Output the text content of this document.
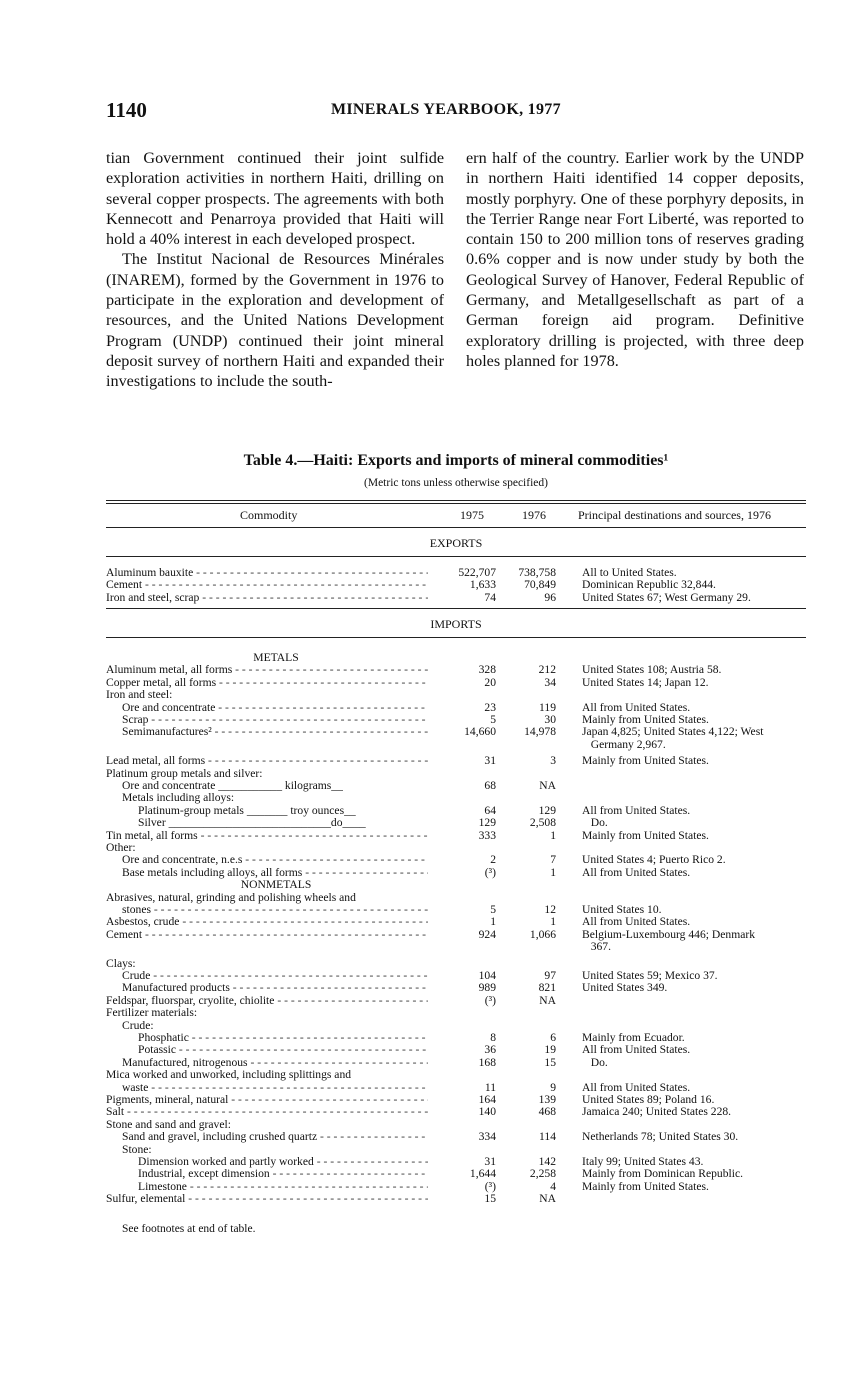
1140	MINERALS YEARBOOK, 1977

tian Government continued their joint sulfide exploration activities in northern Haiti, drilling on several copper prospects. The agreements with both Kennecott and Penarroya provided that Haiti will hold a 40% interest in each developed prospect.

The Institut Nacional de Resources Minérales (INAREM), formed by the Government in 1976 to participate in the exploration and development of resources, and the United Nations Development Program (UNDP) continued their joint mineral deposit survey of northern Haiti and expanded their investigations to include the south-

ern half of the country. Earlier work by the UNDP in northern Haiti identified 14 copper deposits, mostly porphyry. One of these porphyry deposits, in the Terrier Range near Fort Liberté, was reported to contain 150 to 200 million tons of reserves grading 0.6% copper and is now under study by both the Geological Survey of Hanover, Federal Republic of Germany, and Metallgesellschaft as part of a German foreign aid program. Definitive exploratory drilling is projected, with three deep holes planned for 1978.

Table 4.—Haiti: Exports and imports of mineral commodities¹
(Metric tons unless otherwise specified)
Commodity	1975	1976	Principal destinations and sources, 1976
EXPORTS
Aluminum bauxite - - -	522,707	738,758 All to United States.
Cement - - -	1,633	70,849 Dominican Republic 32,844.
Iron and steel, scrap - - -	74	96 United States 67; West Germany 29.
IMPORTS
METALS
Aluminum metal, all forms - - -	328	212 United States 108; Austria 58.
Copper metal, all forms - - -	20	34 United States 14; Japan 12.
Iron and steel:
Ore and concentrate - - -	23	119 All from United States.
Scrap - - -	5	30 Mainly from United States.
Semimanufactures² - - -	14,660	14,978 Japan 4,825; United States 4,122; West
Germany 2,967.
Lead metal, all forms - - -	31	3 Mainly from United States.
Platinum group metals and silver:
Ore and concentrate ___________ kilograms__	68	NA
Metals including alloys:
Platinum-group metals _______ troy ounces__	64	129 All from United States.
Silver ____________________________do____	129	2,508 Do.
Tin metal, all forms - - -	333	1 Mainly from United States.
Other:
Ore and concentrate, n.e.s - - -	2	7 United States 4; Puerto Rico 2.
Base metals including alloys, all forms - - -	(³)	1 All from United States.
NONMETALS
Abrasives, natural, grinding and polishing wheels and
stones - - -	5	12 United States 10.
Asbestos, crude - - -	1	1 All from United States.
Cement - - -	924	1,066 Belgium-Luxembourg 446; Denmark
367.
Clays:
Crude - - -	104	97 United States 59; Mexico 37.
Manufactured products - - -	989	821 United States 349.
Feldspar, fluorspar, cryolite, chiolite - - -	(³)	NA
Fertilizer materials:
Crude:
Phosphatic - - -	8	6 Mainly from Ecuador.
Potassic - - -	36	19 All from United States.
Manufactured, nitrogenous - - -	168	15 Do.
Mica worked and unworked, including splittings and
waste - - -	11	9 All from United States.
Pigments, mineral, natural - - -	164	139 United States 89; Poland 16.
Salt - - -	140	468 Jamaica 240; United States 228.
Stone and sand and gravel:
Sand and gravel, including crushed quartz - - -	334	114 Netherlands 78; United States 30.
Stone:
Dimension worked and partly worked - - -	31	142 Italy 99; United States 43.
Industrial, except dimension - - -	1,644	2,258 Mainly from Dominican Republic.
Limestone - - -	(³)	4 Mainly from United States.
Sulfur, elemental - - -	15	NA
See footnotes at end of table.
